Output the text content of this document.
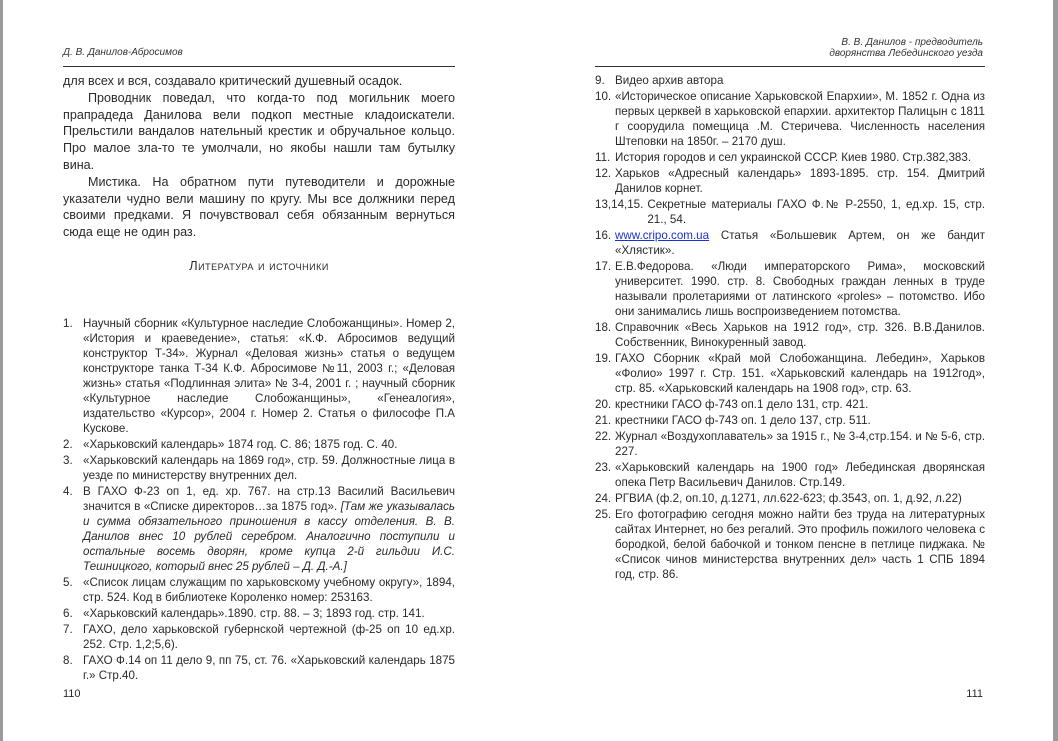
Д. В. Данилов-Абросимов

для всех и вся, создавало критический душевный осадок.

Проводник поведал, что когда-то под могильник моего прапрадеда Данилова вели подкоп местные кладоискатели. Прельстили вандалов нательный крестик и обручальное кольцо. Про малое зла-то те умолчали, но якобы нашли там бутылку вина.

Мистика. На обратном пути путеводители и дорожные указатели чудно вели машину по кругу. Мы все должники перед своими предками. Я почувствовал себя обязанным вернуться сюда еще не один раз.

Литература и источники
1. Научный сборник «Культурное наследие Слобожанщины». Номер 2, «История и краеведение», статья: «К.Ф. Абросимов ведущий конструктор Т-34». Журнал «Деловая жизнь» статья о ведущем конструкторе танка Т-34 К.Ф. Абросимове №11, 2003 г.; «Деловая жизнь» статья «Подлинная элита» № 3-4, 2001 г. ; научный сборник «Культурное наследие Слобожанщины», «Генеалогия», издательство «Курсор», 2004 г. Номер 2. Статья о философе П.А Кускове.
2. «Харьковский календарь» 1874 год. С. 86; 1875 год. С. 40.
3. «Харьковский календарь на 1869 год», стр. 59. Должностные лица в уезде по министерству внутренних дел.
4. В ГАХО Ф-23 оп 1, ед. хр. 767. на стр.13 Василий Васильевич значится в «Списке директоров…за 1875 год». [Там же указывалась и сумма обязательного приношения в кассу отделения. В. В. Данилов внес 10 рублей серебром. Аналогично поступили и остальные восемь дворян, кроме купца 2-й гильдии И.С. Тешницкого, который внес 25 рублей – Д. Д.-А.]
5. «Список лицам служащим по харьковскому учебному округу», 1894, стр. 524. Код в библиотеке Короленко номер: 253163.
6. «Харьковский календарь».1890. стр. 88. – 3; 1893 год. стр. 141.
7. ГАХО, дело харьковской губернской чертежной (ф-25 оп 10 ед.хр. 252. Стр. 1,2;5,6).
8. ГАХО Ф.14 оп 11 дело 9, пп 75, ст. 76. «Харьковский календарь 1875 г.» Стр.40.
110
В. В. Данилов - предводитель
дворянства Лебединского уезда
9. Видео архив автора
10. «Историческое описание Харьковской Епархии», М. 1852 г. Одна из первых церквей в харьковской епархии. архитектор Палицын с 1811 г соорудила помещица .М. Стеричева. Численность населения Штеповки на 1850г. – 2170 душ.
11. История городов и сел украинской СССР. Киев 1980. Стр.382,383.
12. Харьков «Адресный календарь» 1893-1895. стр. 154. Дмитрий Данилов корнет.
13,14,15. Секретные материалы ГАХО Ф.№ Р-2550, 1, ед.хр. 15, стр. 21., 54.
16. www.cripo.com.ua Статья «Большевик Артем, он же бандит «Хлястик».
17. Е.В.Федорова. «Люди императорского Рима», московский университет. 1990. стр. 8. Свободных граждан ленных в труде называли пролетариями от латинского «proles» – потомство. Ибо они занимались лишь воспроизведением потомства.
18. Справочник «Весь Харьков на 1912 год», стр. 326. В.В.Данилов. Собственник, Винокуренный завод.
19. ГАХО Сборник «Край мой Слобожанщина. Лебедин», Харьков «Фолио» 1997 г. Стр. 151. «Харьковский календарь на 1912год», стр. 85. «Харьковский календарь на 1908 год», стр. 63.
20. крестники ГАСО ф-743 оп.1 дело 131, стр. 421.
21. крестники ГАСО ф-743 оп. 1 дело 137, стр. 511.
22. Журнал «Воздухоплаватель» за 1915 г., № 3-4,стр.154. и № 5-6, стр. 227.
23. «Харьковский календарь на 1900 год» Лебединская дворянская опека Петр Васильевич Данилов. Стр.149.
24. РГВИА (ф.2, оп.10, д.1271, лл.622-623; ф.3543, оп. 1, д.92, л.22)
25. Его фотографию сегодня можно найти без труда на литературных сайтах Интернет, но без регалий. Это профиль пожилого человека с бородкой, белой бабочкой и тонком пенсне в петлице пиджака. № «Список чинов министерства внутренних дел» часть 1 СПБ 1894 год, стр. 86.
111
